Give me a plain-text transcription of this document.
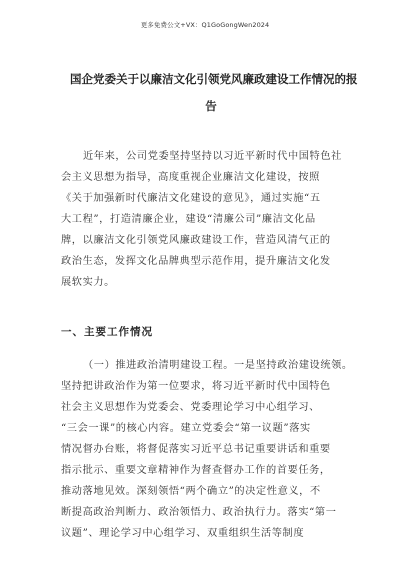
更多免费公文+VX：Q1GoGongWen2024
国企党委关于以廉洁文化引领党风廉政建设工作情况的报
告
近年来，公司党委坚持坚持以习近平新时代中国特色社
会主义思想为指导，高度重视企业廉洁文化建设，按照
《关于加强新时代廉洁文化建设的意见》，通过实施“五
大工程”，打造清廉企业，建设“清廉公司”廉洁文化品
牌，以廉洁文化引领党风廉政建设工作，营造风清气正的
政治生态，发挥文化品牌典型示范作用，提升廉洁文化发
展软实力。
一、主要工作情况
（一）推进政治清明建设工程。一是坚持政治建设统领。
坚持把讲政治作为第一位要求，将习近平新时代中国特色
社会主义思想作为党委会、党委理论学习中心组学习、
“三会一课”的核心内容。建立党委会“第一议题”落实
情况督办台账，将督促落实习近平总书记重要讲话和重要
指示批示、重要文章精神作为督查督办工作的首要任务，
推动落地见效。深刻领悟“两个确立”的决定性意义，不
断提高政治判断力、政治领悟力、政治执行力。落实“第一
议题”、理论学习中心组学习、双重组织生活等制度
